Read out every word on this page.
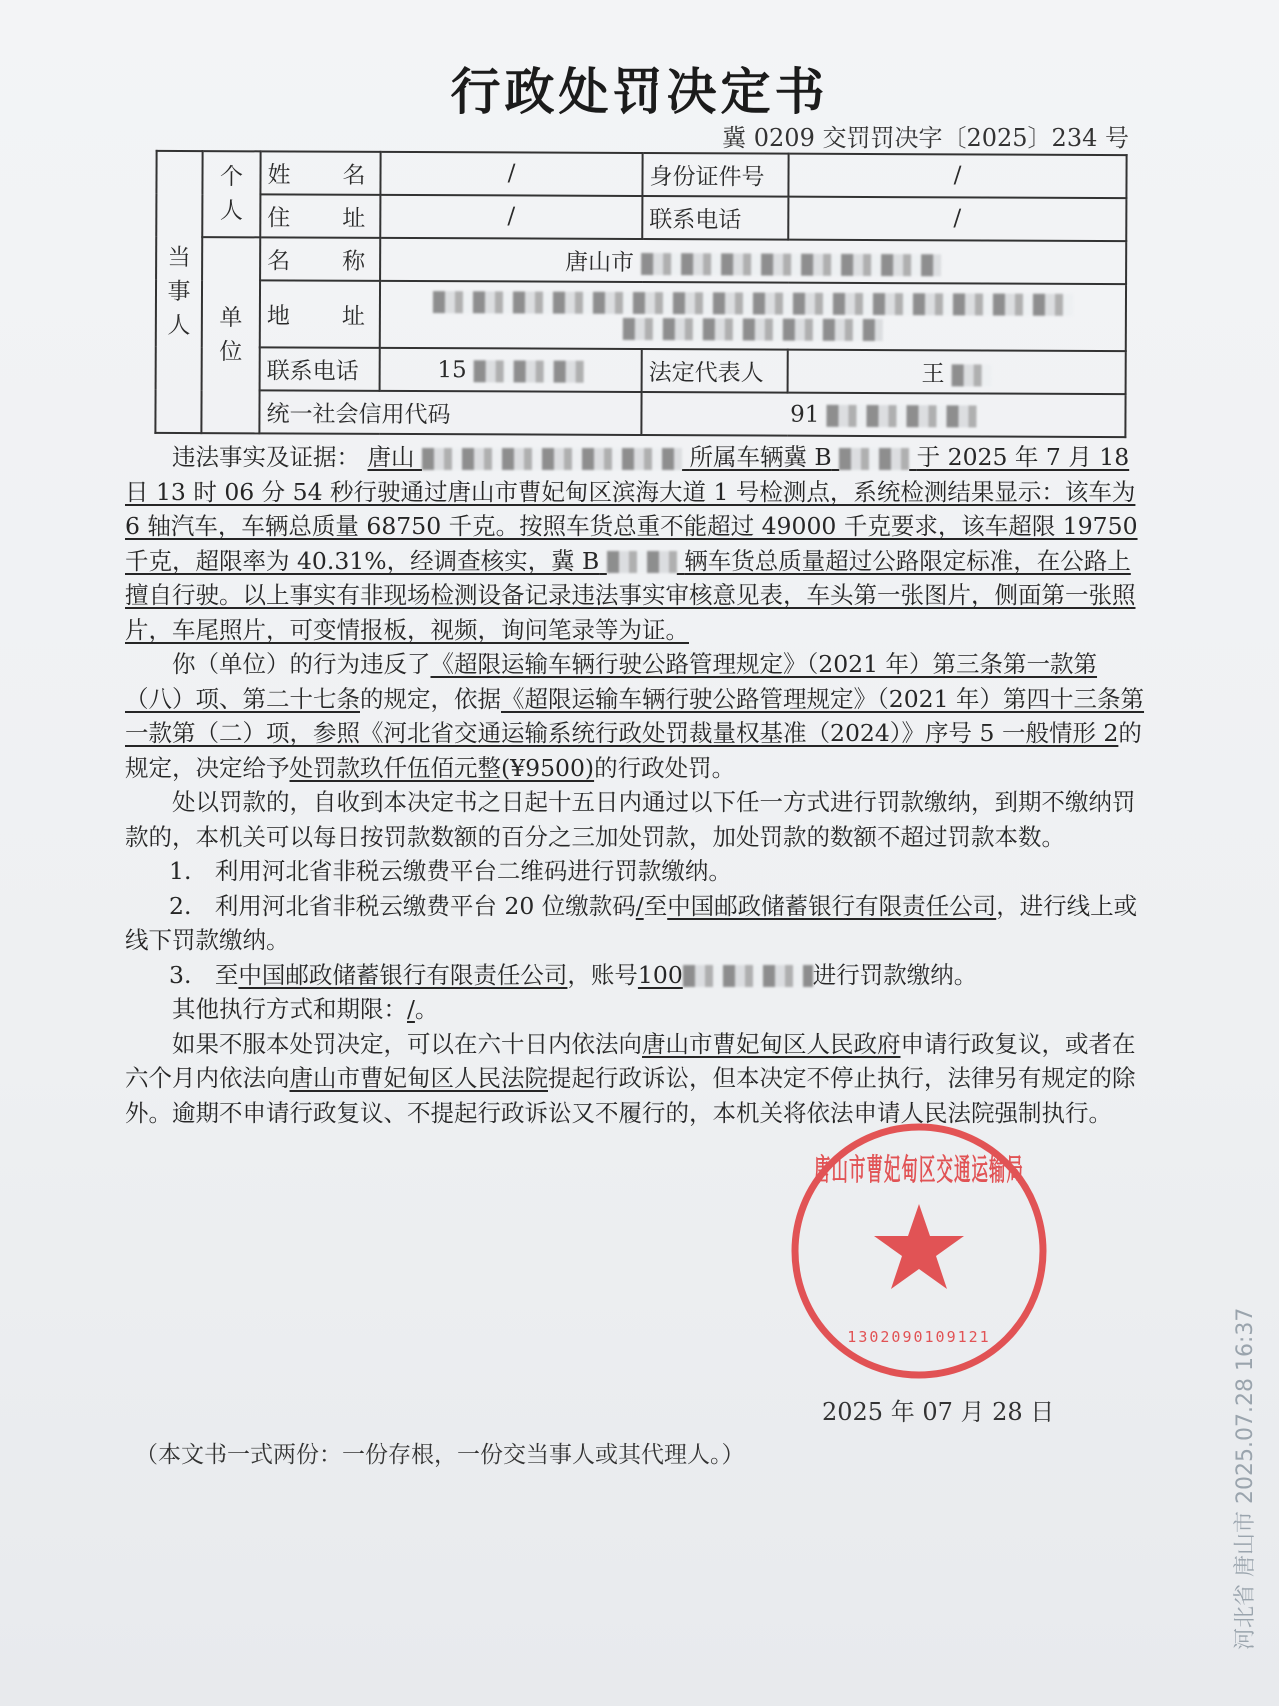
行政处罚决定书
冀 0209 交罚罚决字〔2025〕234 号
当事人	个人	姓　　名	/	身份证件号	/
		住　　址	/	联系电话	/
	单位	名　　称	唐山市		
		地　　址			

		联系电话	15	法定代表人	王
		统一社会信用代码		91	

违法事实及证据： 唐山	所属车辆冀 B	于 2025 年 7 月 18 日 13 时 06 分 54 秒行驶通过唐山市曹妃甸区滨海大道 1 号检测点，系统检测结果显示：该车为 6 轴汽车，车辆总质量 68750 千克。按照车货总重不能超过 49000 千克要求，该车超限 19750 千克，超限率为 40.31%，经调查核实，冀 B	辆车货总质量超过公路限定标准，在公路上擅自行驶。以上事实有非现场检测设备记录违法事实审核意见表，车头第一张图片，侧面第一张照片，车尾照片，可变情报板，视频，询问笔录等为证。

你（单位）的行为违反了《超限运输车辆行驶公路管理规定》（2021 年）第三条第一款第（八）项、第二十七条的规定，依据《超限运输车辆行驶公路管理规定》（2021 年）第四十三条第一款第（二）项，参照《河北省交通运输系统行政处罚裁量权基准（2024）》序号 5 一般情形 2的规定，决定给予处罚款玖仟伍佰元整(¥9500)的行政处罚。

处以罚款的，自收到本决定书之日起十五日内通过以下任一方式进行罚款缴纳，到期不缴纳罚款的，本机关可以每日按罚款数额的百分之三加处罚款，加处罚款的数额不超过罚款本数。

1.　利用河北省非税云缴费平台二维码进行罚款缴纳。

2.　利用河北省非税云缴费平台 20 位缴款码/至中国邮政储蓄银行有限责任公司，进行线上或线下罚款缴纳。

3.　至中国邮政储蓄银行有限责任公司，账号100	进行罚款缴纳。

其他执行方式和期限：/。

如果不服本处罚决定，可以在六十日内依法向唐山市曹妃甸区人民政府申请行政复议，或者在六个月内依法向唐山市曹妃甸区人民法院提起行政诉讼，但本决定不停止执行，法律另有规定的除外。逾期不申请行政复议、不提起行政诉讼又不履行的，本机关将依法申请人民法院强制执行。

1302090109121
唐山市曹妃甸区交通运输局
2025 年 07 月 28 日
（本文书一式两份：一份存根，一份交当事人或其代理人。）	河北省 唐山市 2025.07.28 16:37
